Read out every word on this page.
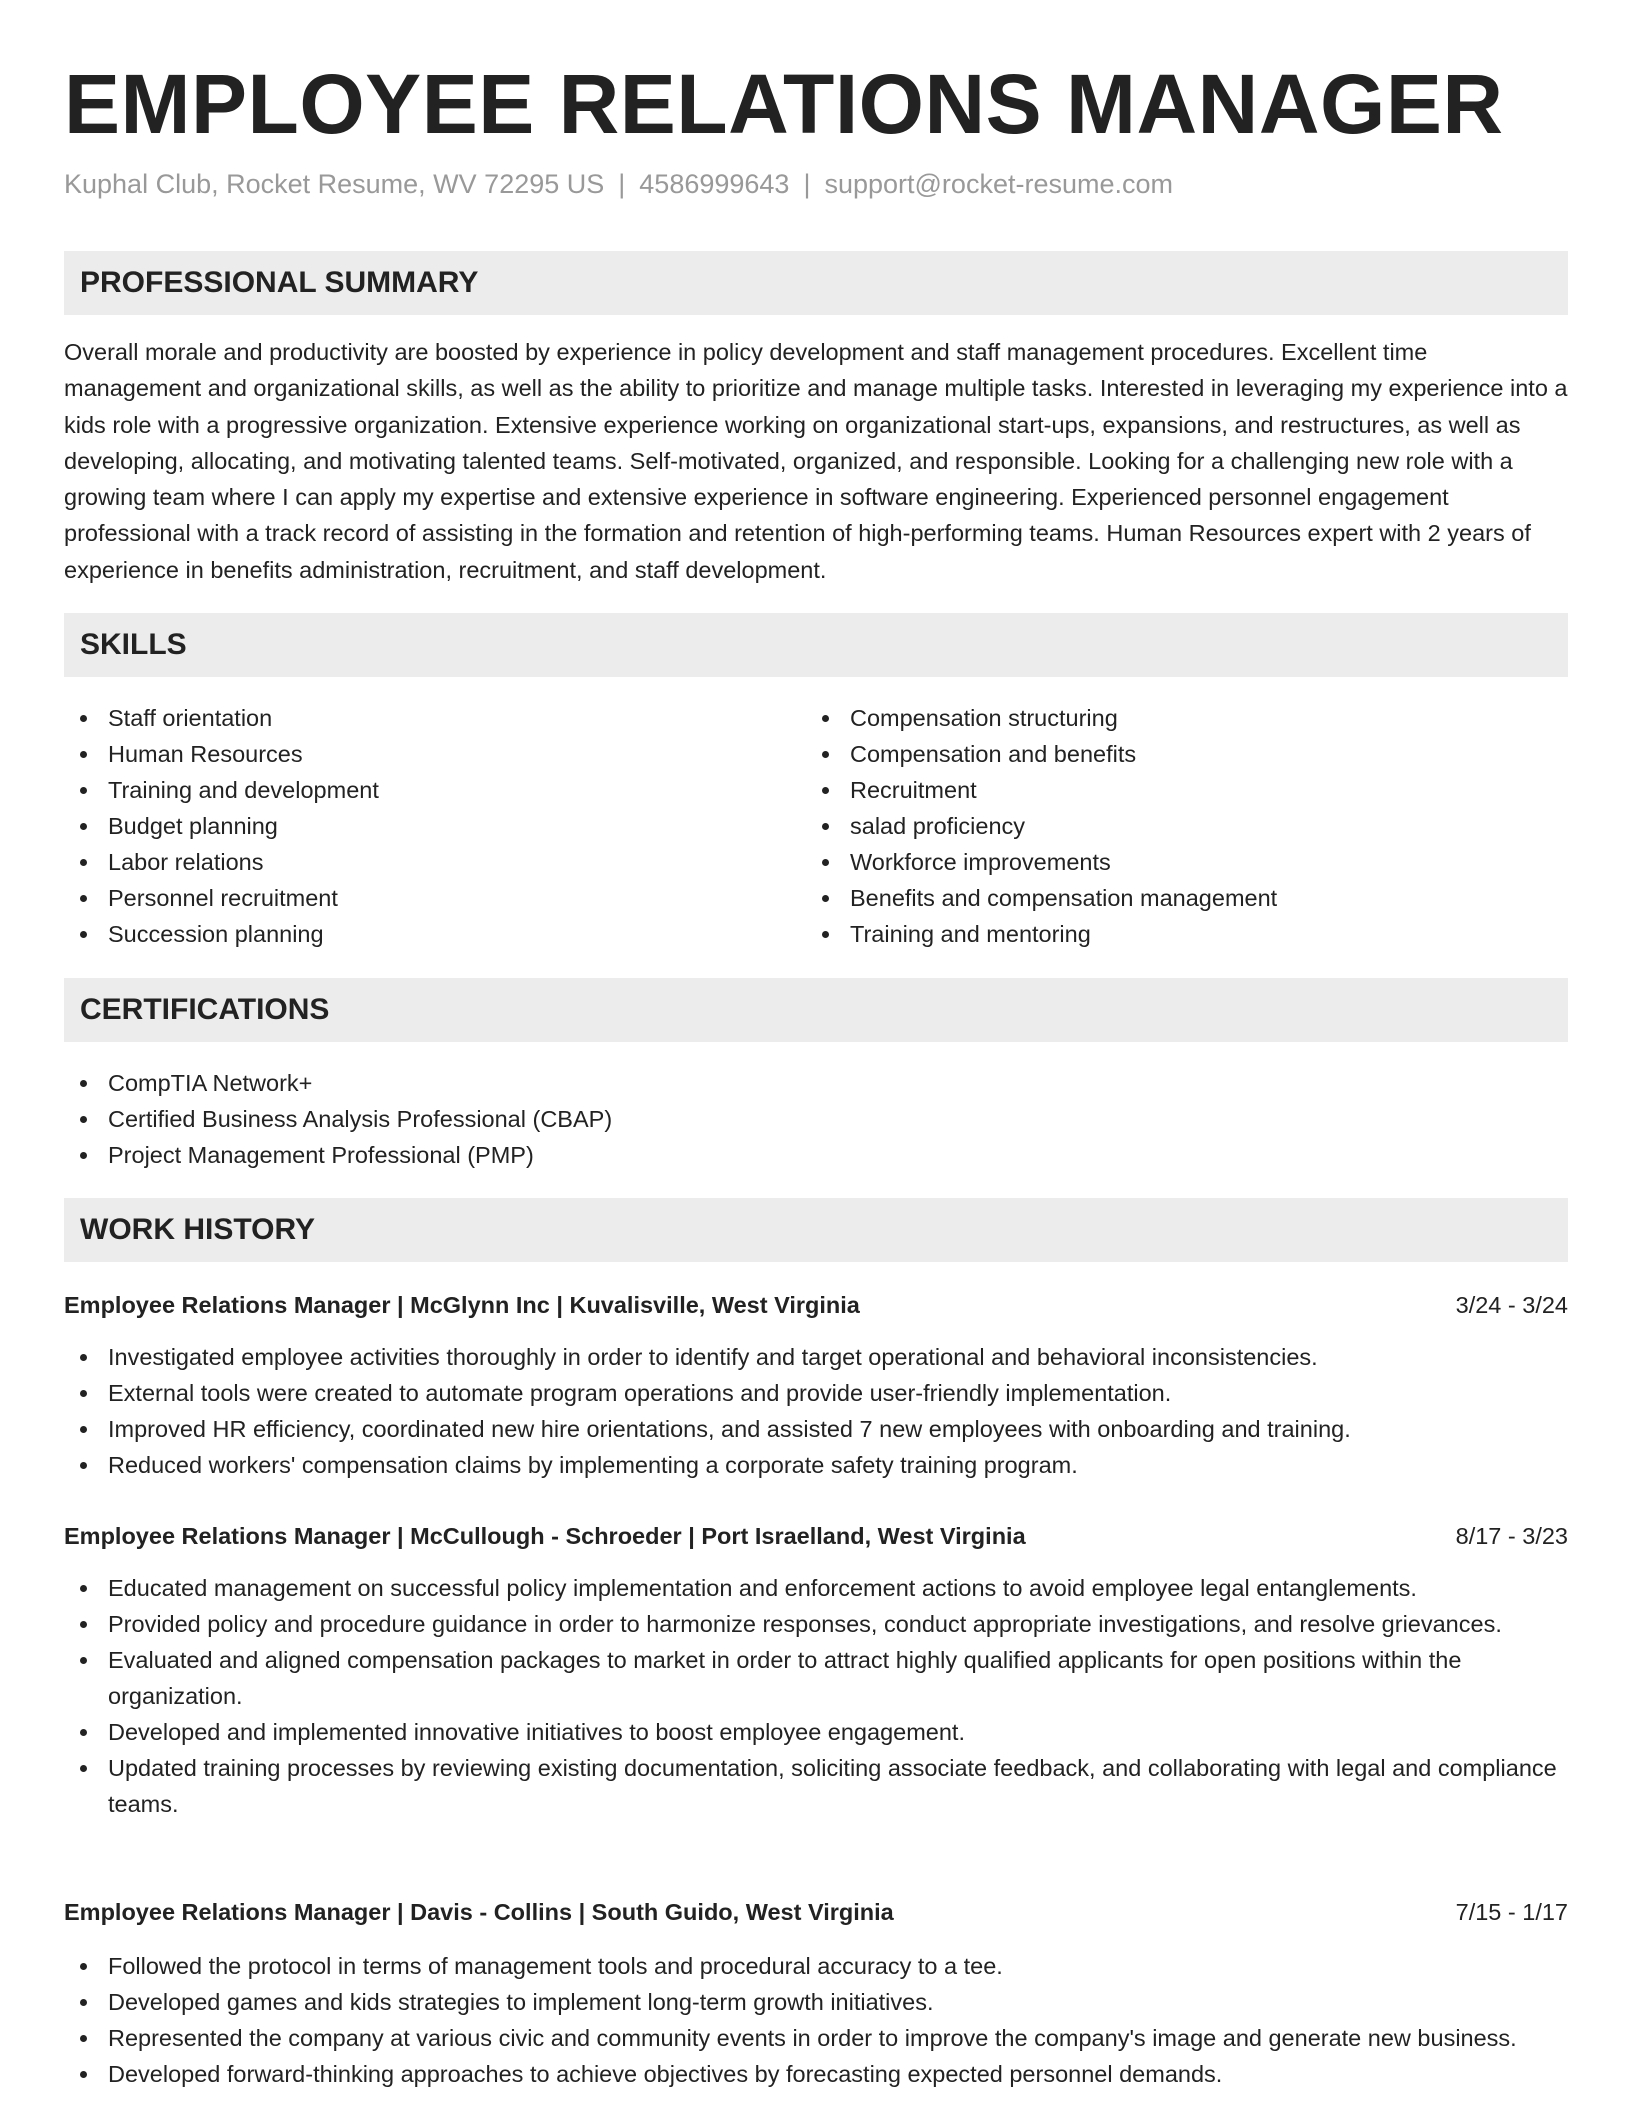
EMPLOYEE RELATIONS MANAGER
Kuphal Club, Rocket Resume, WV 72295 US | 4586999643 | support@rocket-resume.com
PROFESSIONAL SUMMARY

Overall morale and productivity are boosted by experience in policy development and staff management procedures. Excellent time management and organizational skills, as well as the ability to prioritize and manage multiple tasks. Interested in leveraging my experience into a kids role with a progressive organization. Extensive experience working on organizational start-ups, expansions, and restructures, as well as developing, allocating, and motivating talented teams. Self-motivated, organized, and responsible. Looking for a challenging new role with a growing team where I can apply my expertise and extensive experience in software engineering. Experienced personnel engagement professional with a track record of assisting in the formation and retention of high-performing teams. Human Resources expert with 2 years of experience in benefits administration, recruitment, and staff development.

SKILLS
Staff orientation
Human Resources
Training and development
Budget planning
Labor relations
Personnel recruitment
Succession planning
Compensation structuring
Compensation and benefits
Recruitment
salad proficiency
Workforce improvements
Benefits and compensation management
Training and mentoring
CERTIFICATIONS
CompTIA Network+
Certified Business Analysis Professional (CBAP)
Project Management Professional (PMP)
WORK HISTORY
Employee Relations Manager | McGlynn Inc | Kuvalisville, West Virginia	3/24 - 3/24
Investigated employee activities thoroughly in order to identify and target operational and behavioral inconsistencies.
External tools were created to automate program operations and provide user-friendly implementation.
Improved HR efficiency, coordinated new hire orientations, and assisted 7 new employees with onboarding and training.
Reduced workers' compensation claims by implementing a corporate safety training program.
Employee Relations Manager | McCullough - Schroeder | Port Israelland, West Virginia	8/17 - 3/23
Educated management on successful policy implementation and enforcement actions to avoid employee legal entanglements.
Provided policy and procedure guidance in order to harmonize responses, conduct appropriate investigations, and resolve grievances.
Evaluated and aligned compensation packages to market in order to attract highly qualified applicants for open positions within the organization.
Developed and implemented innovative initiatives to boost employee engagement.
Updated training processes by reviewing existing documentation, soliciting associate feedback, and collaborating with legal and compliance teams.
Employee Relations Manager | Davis - Collins | South Guido, West Virginia	7/15 - 1/17
Followed the protocol in terms of management tools and procedural accuracy to a tee.
Developed games and kids strategies to implement long-term growth initiatives.
Represented the company at various civic and community events in order to improve the company's image and generate new business.
Developed forward-thinking approaches to achieve objectives by forecasting expected personnel demands.
